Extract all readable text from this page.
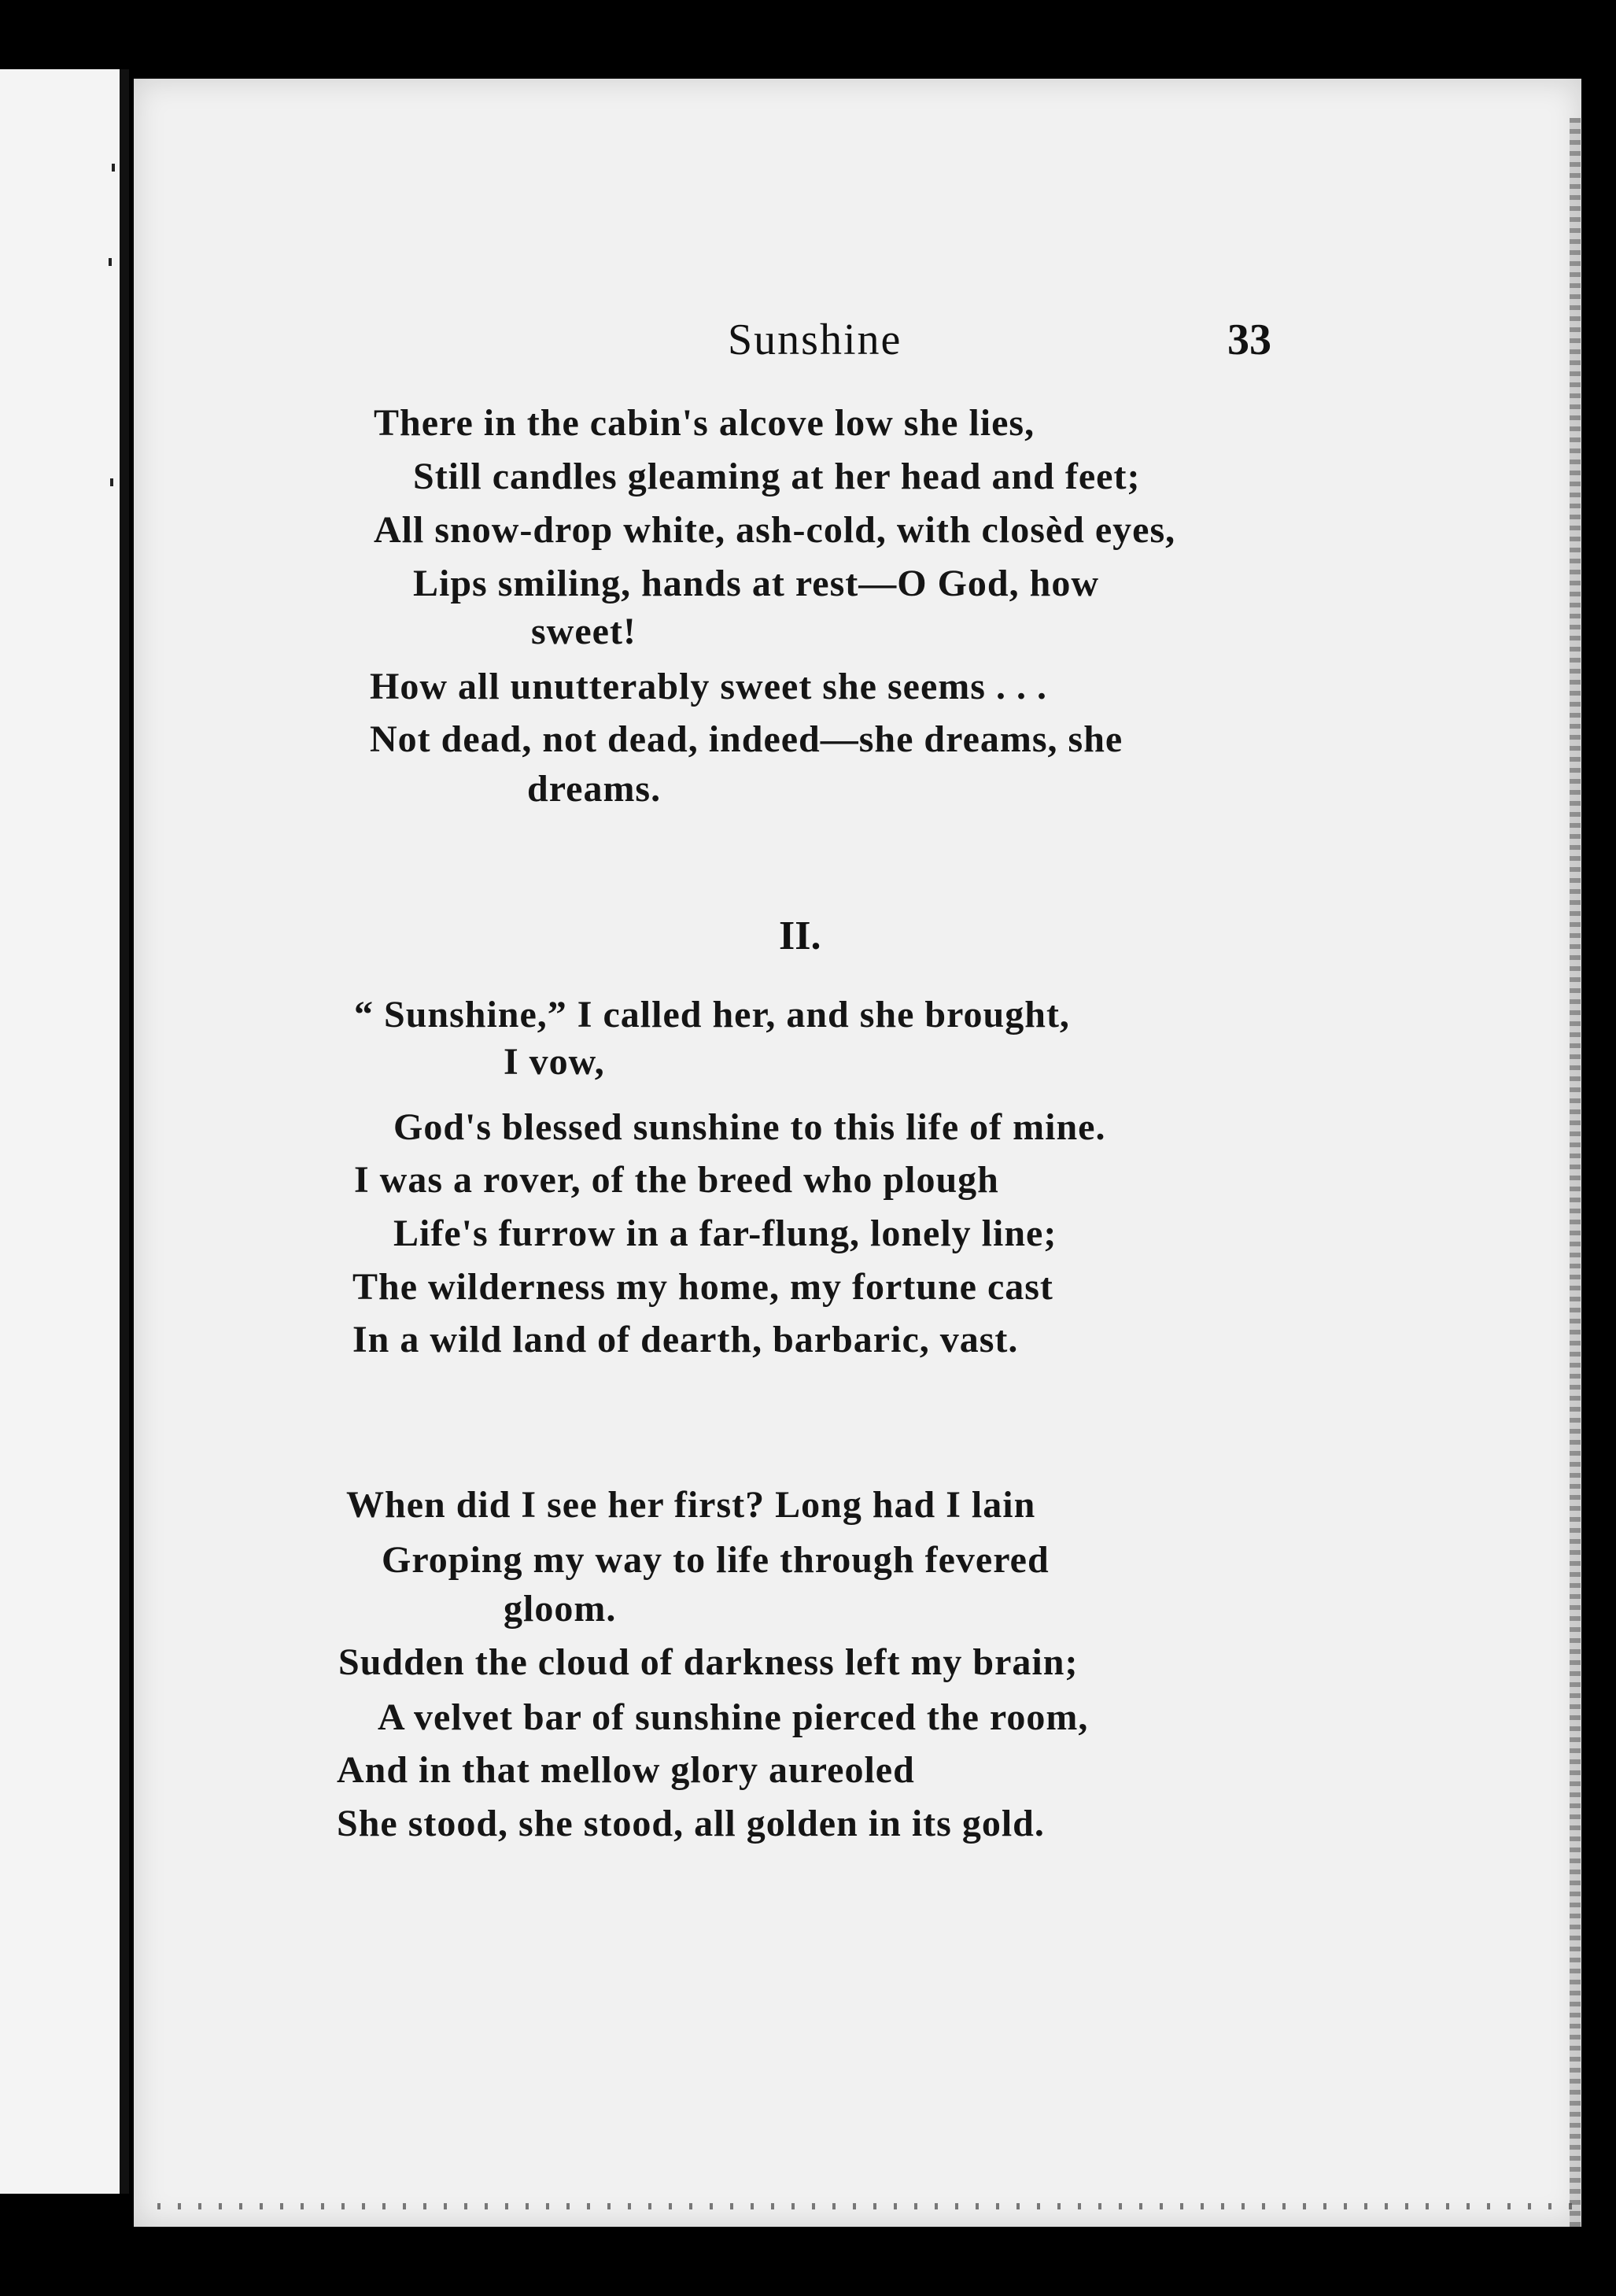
Sunshine	33
There in the cabin's alcove low she lies,
Still candles gleaming at her head and feet;
All snow-drop white, ash-cold, with closèd eyes,
Lips smiling, hands at rest—O God, how
sweet!
How all unutterably sweet she seems . . .
Not dead, not dead, indeed—she dreams, she
dreams.
II.
“ Sunshine,” I called her, and she brought,
I vow,
God's blessed sunshine to this life of mine.
I was a rover, of the breed who plough
Life's furrow in a far-flung, lonely line;
The wilderness my home, my fortune cast
In a wild land of dearth, barbaric, vast.
When did I see her first? Long had I lain
Groping my way to life through fevered
gloom.
Sudden the cloud of darkness left my brain;
A velvet bar of sunshine pierced the room,
And in that mellow glory aureoled
She stood, she stood, all golden in its gold.
